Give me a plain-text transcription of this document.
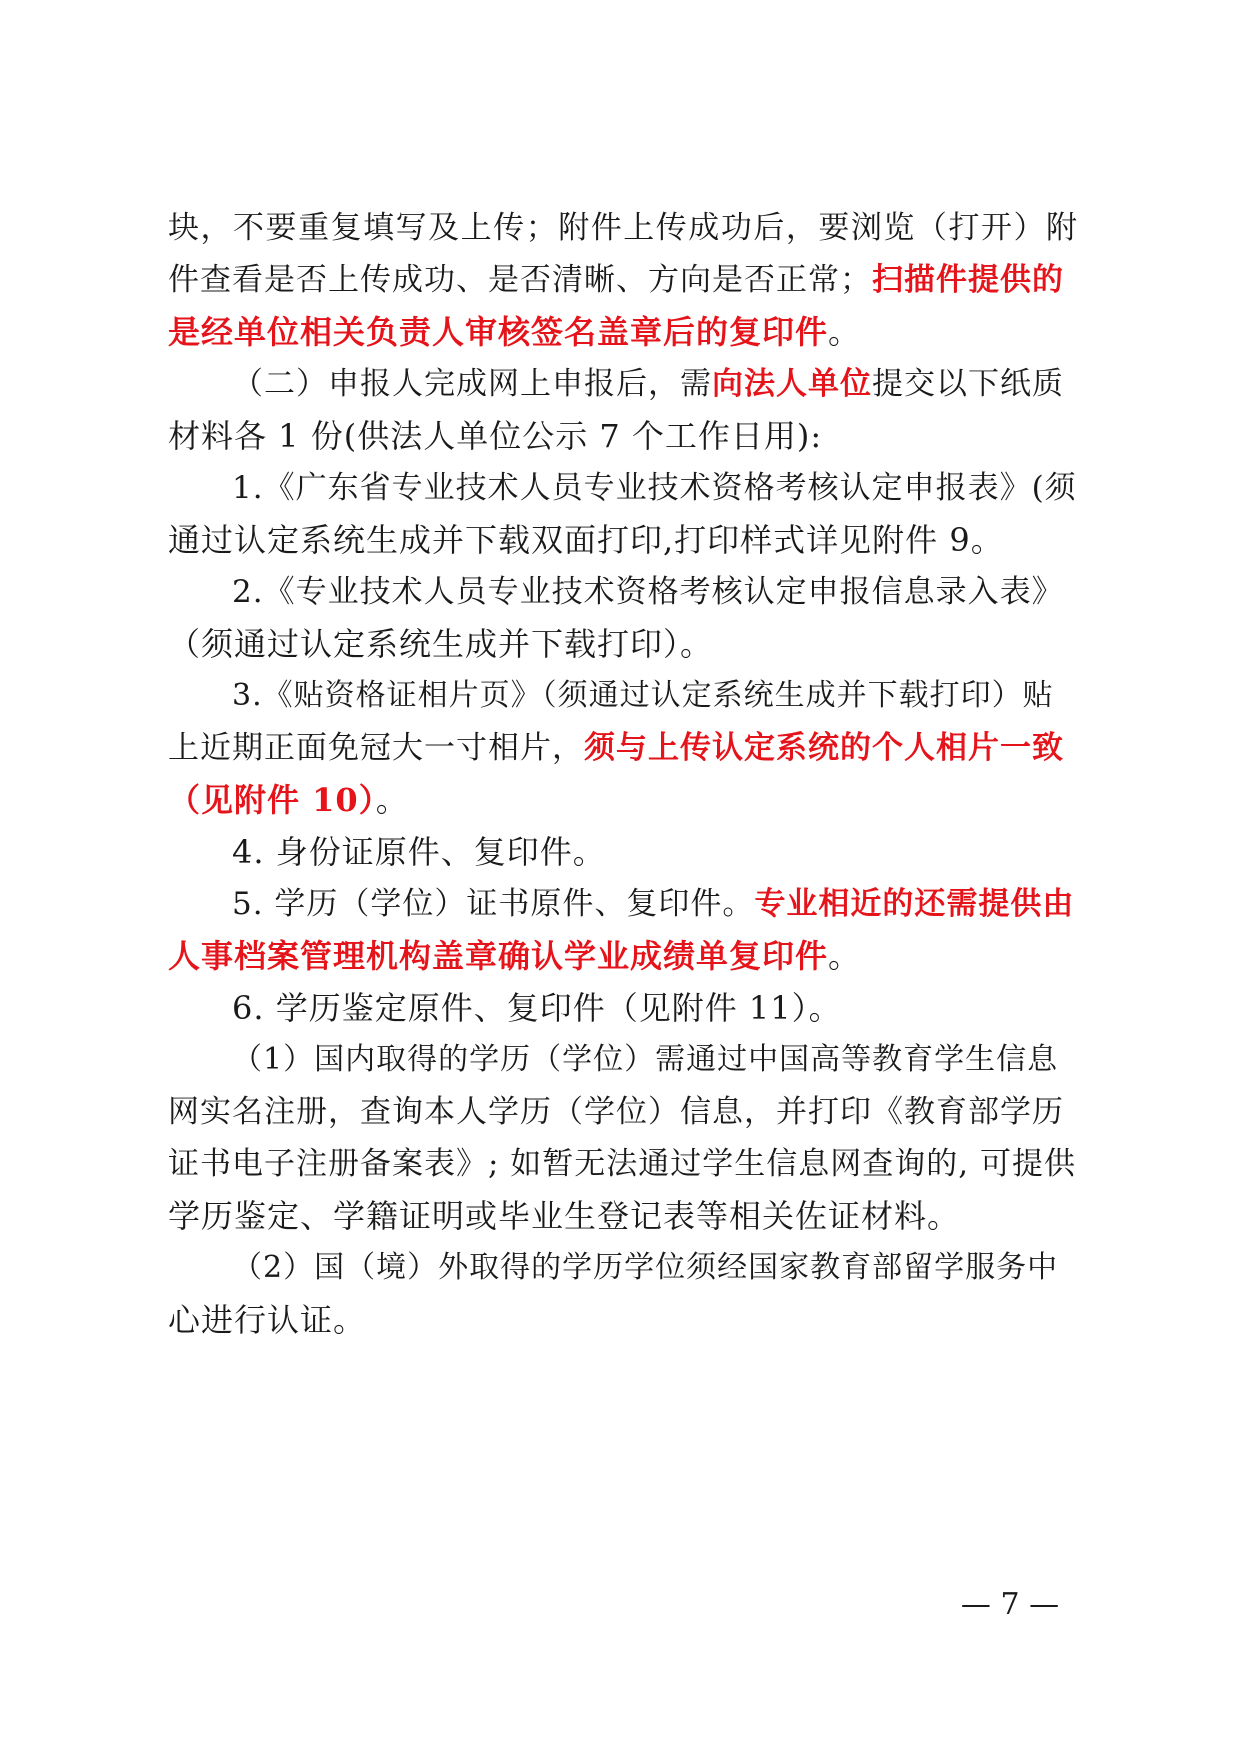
块，不要重复填写及上传；附件上传成功后，要浏览（打开）附
件查看是否上传成功、是否清晰、方向是否正常；扫描件提供的
是经单位相关负责人审核签名盖章后的复印件。
（二）申报人完成网上申报后，需向法人单位提交以下纸质
材料各 1 份(供法人单位公示 7 个工作日用):
1.《广东省专业技术人员专业技术资格考核认定申报表》(须
通过认定系统生成并下载双面打印,打印样式详见附件 9。
2.《专业技术人员专业技术资格考核认定申报信息录入表》
（须通过认定系统生成并下载打印）。
3.《贴资格证相片页》（须通过认定系统生成并下载打印）贴
上近期正面免冠大一寸相片，须与上传认定系统的个人相片一致
（见附件 10）。
4. 身份证原件、复印件。
5. 学历（学位）证书原件、复印件。专业相近的还需提供由
人事档案管理机构盖章确认学业成绩单复印件。
6. 学历鉴定原件、复印件（见附件 11）。
（1）国内取得的学历（学位）需通过中国高等教育学生信息
网实名注册，查询本人学历（学位）信息，并打印《教育部学历
证书电子注册备案表》; 如暂无法通过学生信息网查询的, 可提供
学历鉴定、学籍证明或毕业生登记表等相关佐证材料。
（2）国（境）外取得的学历学位须经国家教育部留学服务中
心进行认证。
— 7 —
